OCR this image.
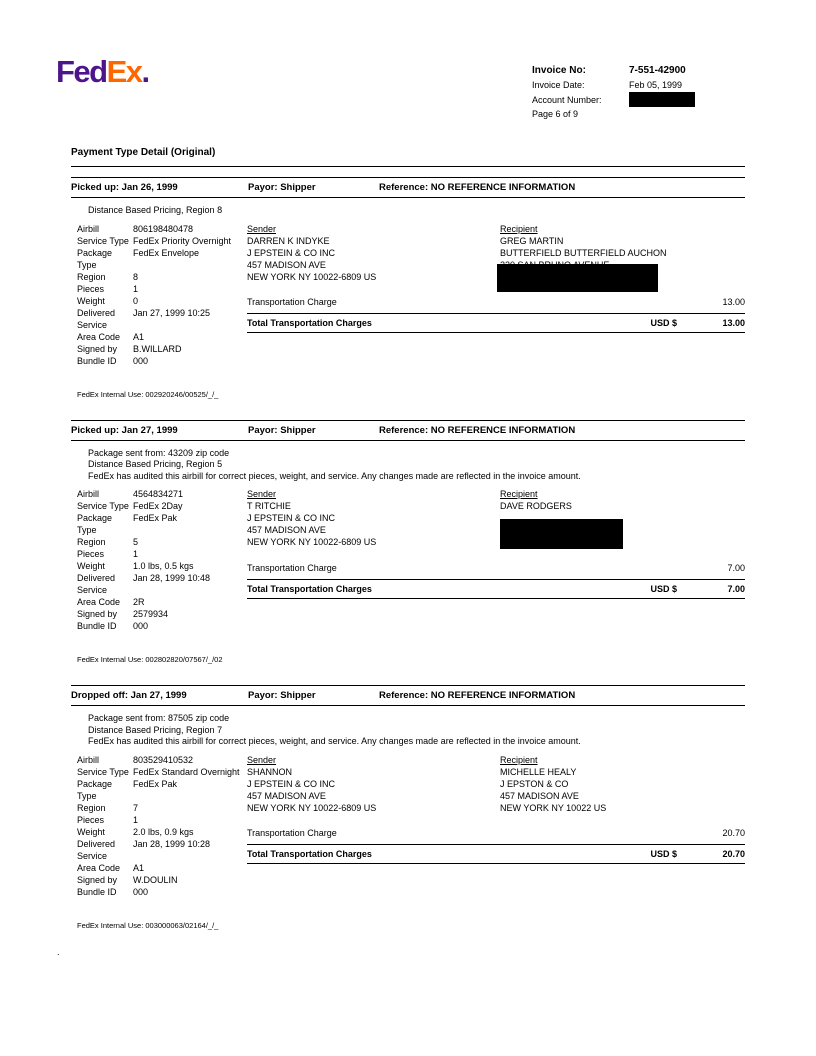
FedEx.	Invoice No:	7-551-42900
Invoice Date:	Feb 05, 1999
Account Number:
Page 6 of 9
Payment Type Detail (Original)
Picked up: Jan 26, 1999	Payor: Shipper	Reference: NO REFERENCE INFORMATION
Distance Based Pricing, Region 8
Airbill	806198480478
Service Type FedEx Priority Overnight
Package Type
FedEx Envelope
Region	8
Pieces	1
Weight	0
Delivered	Jan 27, 1999 10:25
Service
Area Code	A1
Signed by	B.WILLARD
Bundle ID	000
Sender
DARREN K INDYKE
J EPSTEIN & CO INC
457 MADISON AVE
NEW YORK NY 10022-6809 US
Recipient
GREG MARTIN
BUTTERFIELD BUTTERFIELD AUCHON
Transportation Charge	13.00
Total Transportation Charges	USD $	13.00
FedEx Internal Use: 002920246/00525/_/_
Picked up: Jan 27, 1999	Payor: Shipper	Reference: NO REFERENCE INFORMATION
Package sent from: 43209 zip code
Distance Based Pricing, Region 5
FedEx has audited this airbill for correct pieces, weight, and service. Any changes made are reflected in the invoice amount.
Airbill	4564834271
Service Type FedEx 2Day
Package Type
FedEx Pak
Region	5
Pieces	1
Weight	1.0 lbs, 0.5 kgs
Delivered	Jan 28, 1999 10:48
Service
Area Code	2R
Signed by	2579934
Bundle ID	000
Sender
T RITCHIE
J EPSTEIN & CO INC
457 MADISON AVE
NEW YORK NY 10022-6809 US
Recipient
DAVE RODGERS
Transportation Charge	7.00
Total Transportation Charges	USD $	7.00
FedEx Internal Use: 002802820/07567/_/02
Dropped off: Jan 27, 1999	Payor: Shipper	Reference: NO REFERENCE INFORMATION
Package sent from: 87505 zip code
Distance Based Pricing, Region 7
FedEx has audited this airbill for correct pieces, weight, and service. Any changes made are reflected in the invoice amount.
Airbill	803529410532
Service Type FedEx Standard Overnight
Package Type
FedEx Pak
Region	7
Pieces	1
Weight	2.0 lbs, 0.9 kgs
Delivered	Jan 28, 1999 10:28
Service
Area Code	A1
Signed by	W.DOULIN
Bundle ID	000
Sender
SHANNON
J EPSTEIN & CO INC
457 MADISON AVE
NEW YORK NY 10022-6809 US
Recipient
MICHELLE HEALY
J EPSTON & CO
457 MADISON AVE
NEW YORK NY 10022 US
Transportation Charge	20.70
Total Transportation Charges	USD $	20.70
FedEx Internal Use: 003000063/02164/_/_
.
